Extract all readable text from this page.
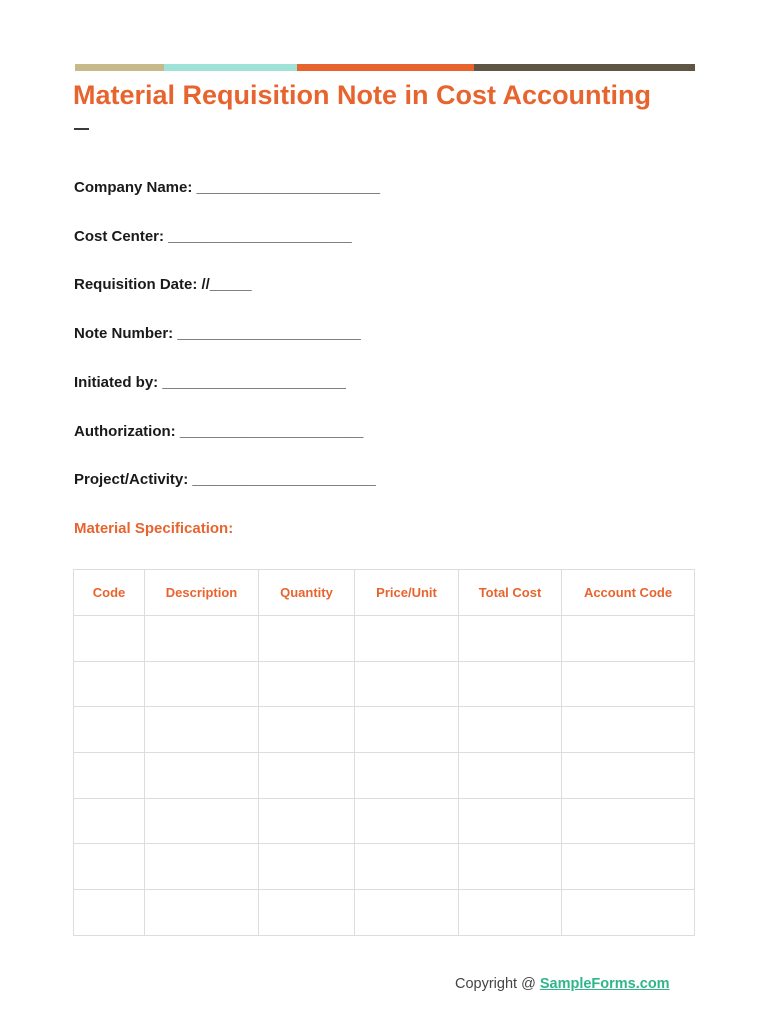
Material Requisition Note in Cost Accounting
Company Name: ______________________
Cost Center: ______________________
Requisition Date: //_____
Note Number: ______________________
Initiated by: ______________________
Authorization: ______________________
Project/Activity: ______________________
Material Specification:
Code	Description	Quantity	Price/Unit	Total Cost	Account Code

Copyright @ SampleForms.com
